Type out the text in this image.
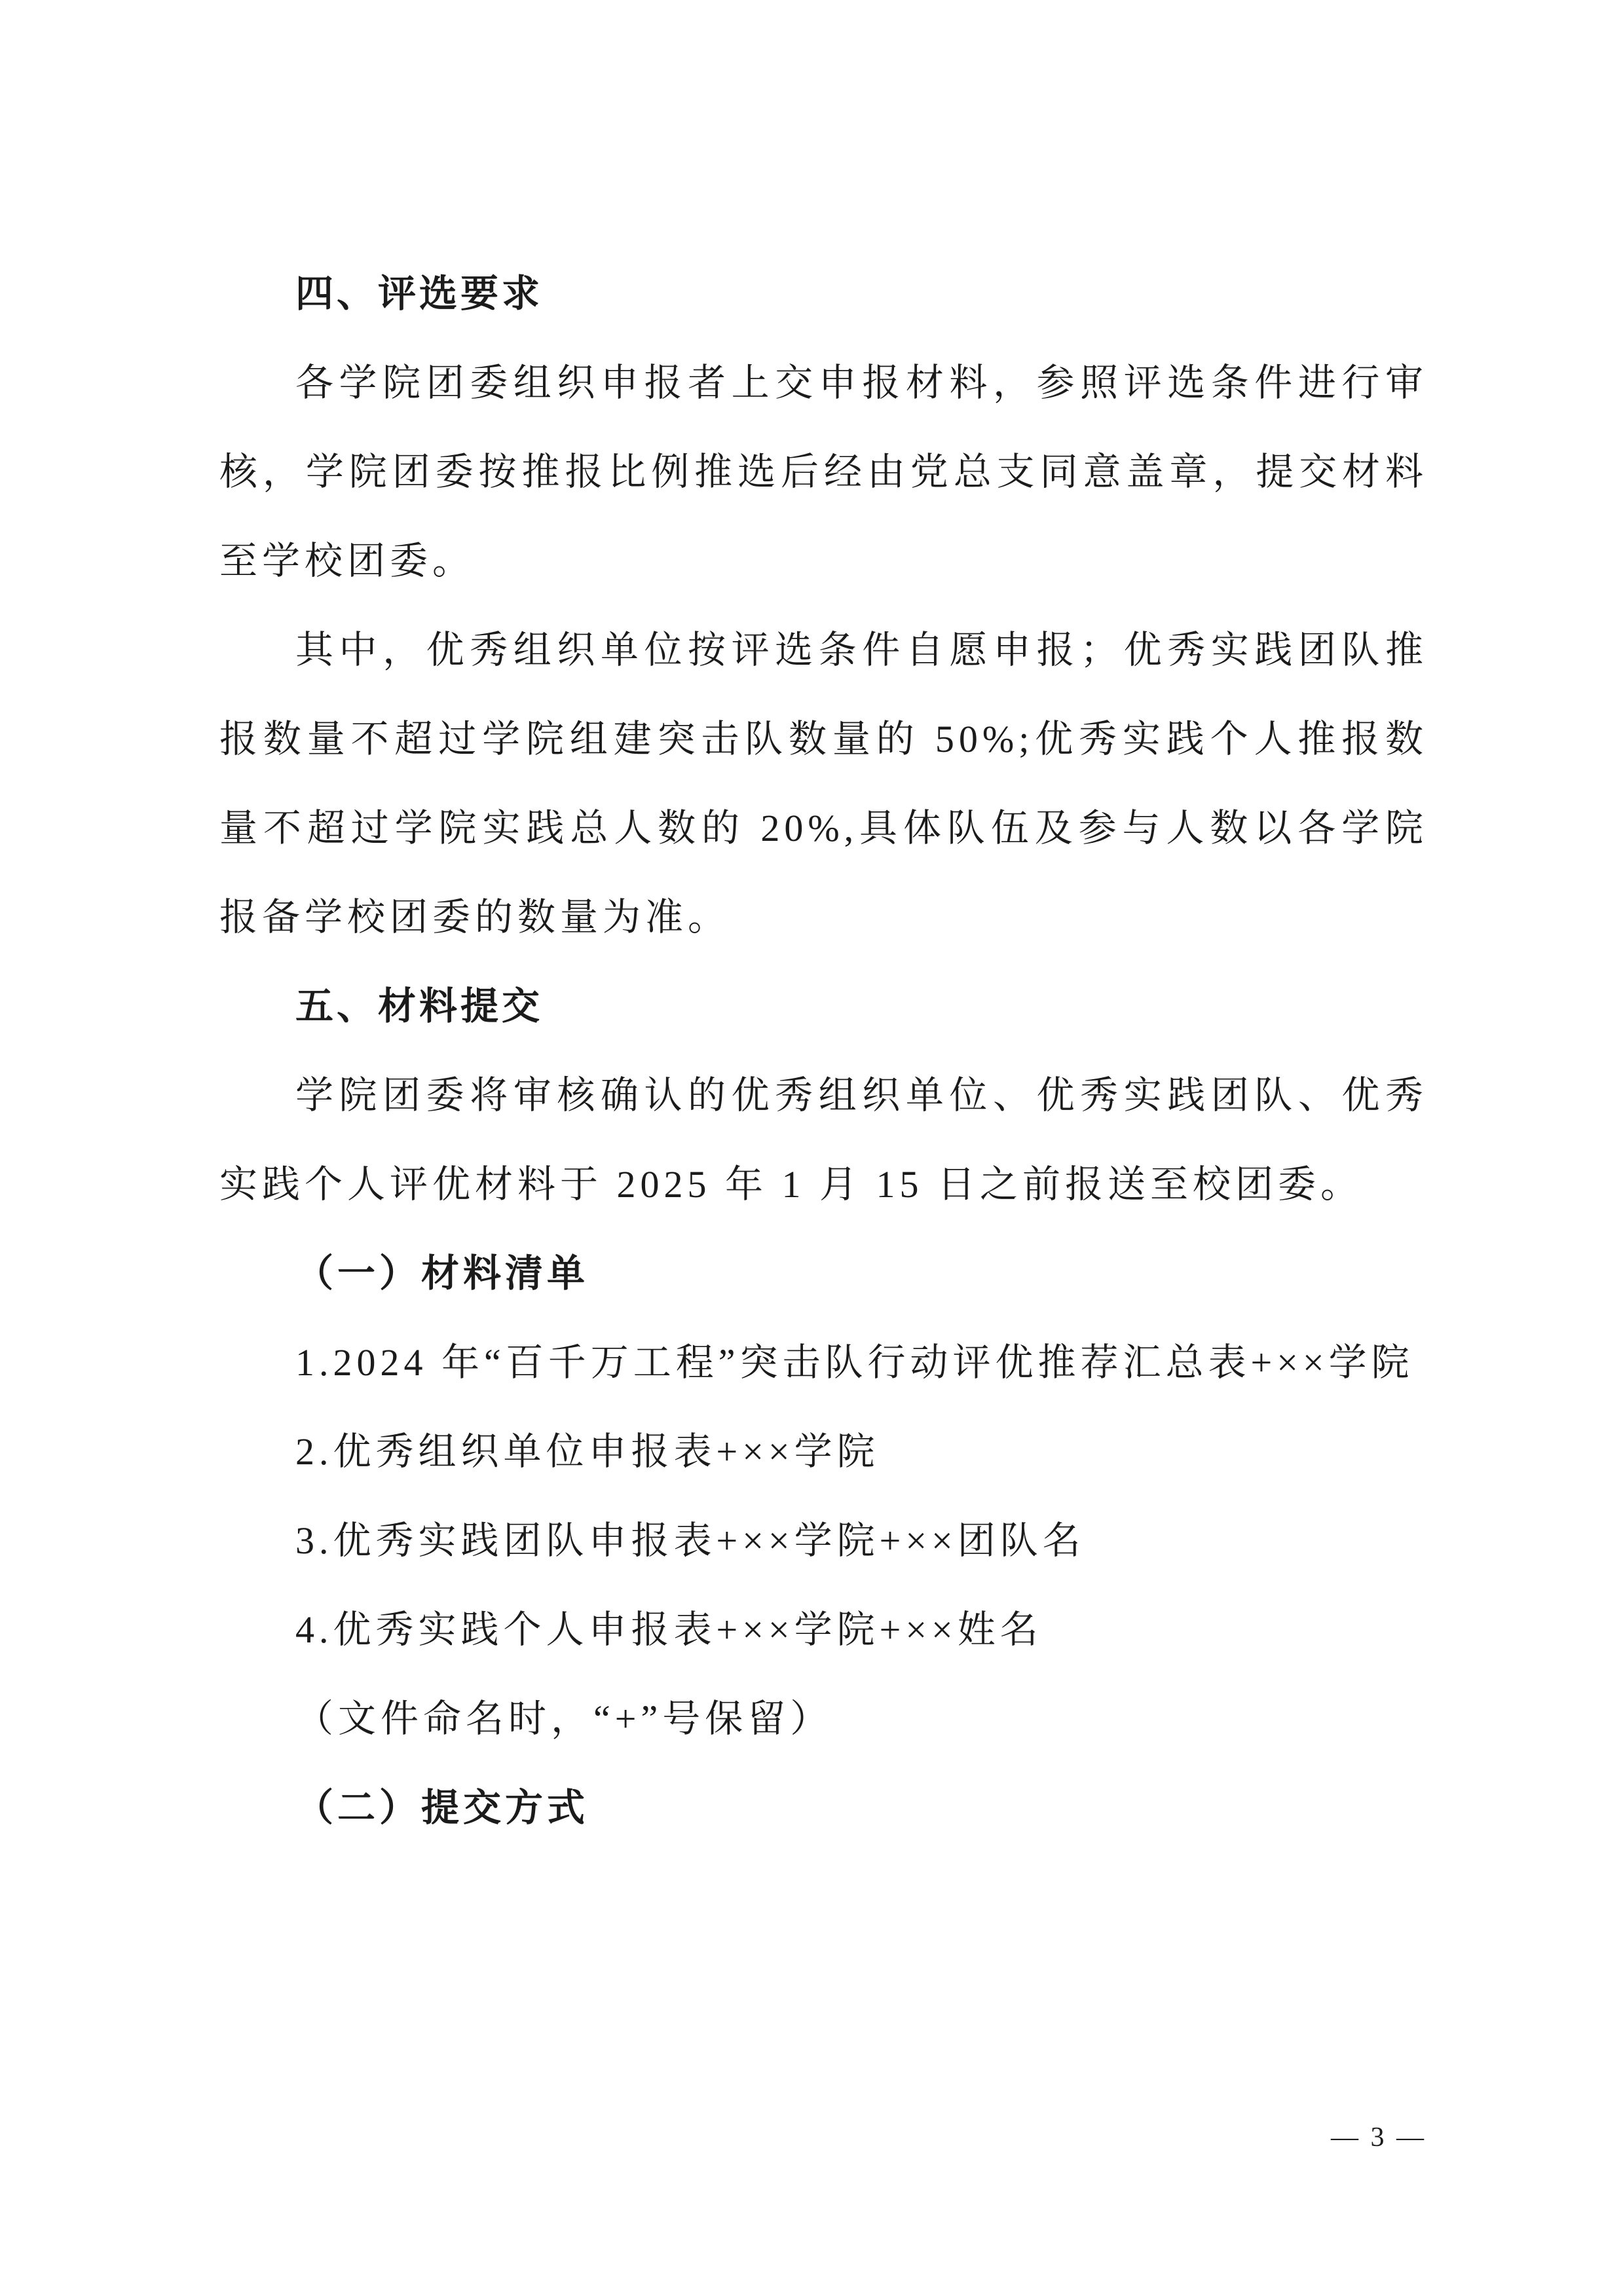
四、评选要求

各学院团委组织申报者上交申报材料，参照评选条件进行审核，学院团委按推报比例推选后经由党总支同意盖章，提交材料至学校团委。

其中，优秀组织单位按评选条件自愿申报；优秀实践团队推报数量不超过学院组建突击队数量的 50%;优秀实践个人推报数量不超过学院实践总人数的 20%,具体队伍及参与人数以各学院报备学校团委的数量为准。

五、材料提交

学院团委将审核确认的优秀组织单位、优秀实践团队、优秀实践个人评优材料于 2025 年 1 月 15 日之前报送至校团委。

（一）材料清单

1.2024 年“百千万工程”突击队行动评优推荐汇总表+××学院

2.优秀组织单位申报表+××学院

3.优秀实践团队申报表+××学院+××团队名

4.优秀实践个人申报表+××学院+××姓名

（文件命名时，“+”号保留）

（二）提交方式

— 3 —
